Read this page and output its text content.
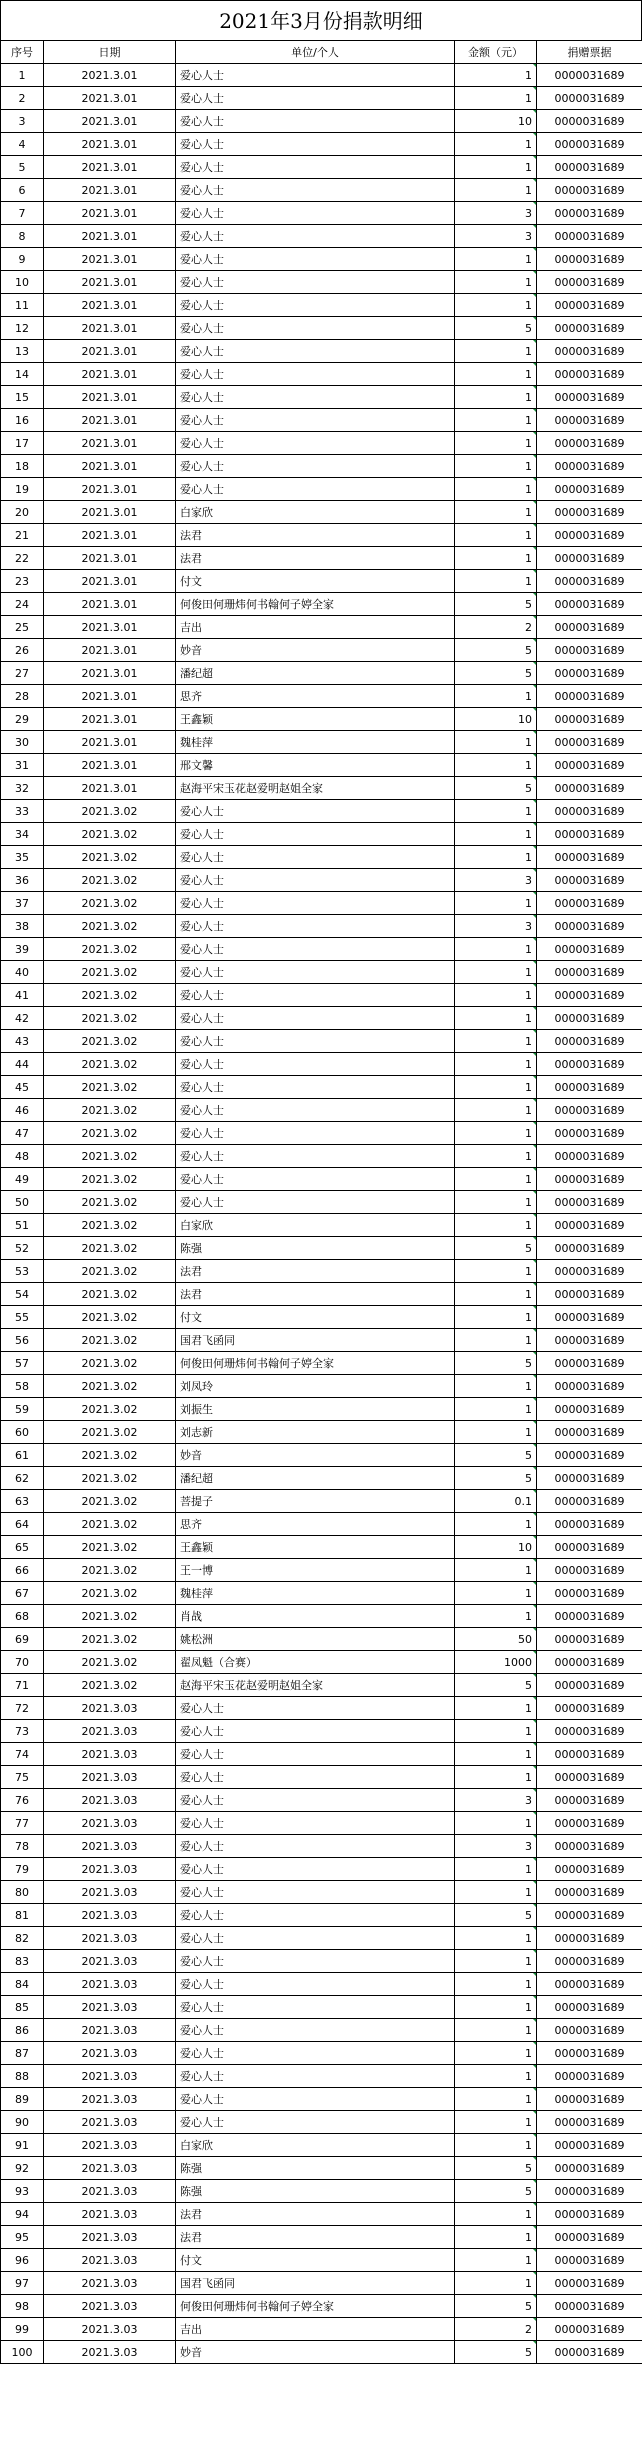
2021年3月份捐款明细
序号	日期	单位/个人	金额（元）	捐赠票据
1	2021.3.01	爱心人士	1	0000031689
2	2021.3.01	爱心人士	1	0000031689
3	2021.3.01	爱心人士	10	0000031689
4	2021.3.01	爱心人士	1	0000031689
5	2021.3.01	爱心人士	1	0000031689
6	2021.3.01	爱心人士	1	0000031689
7	2021.3.01	爱心人士	3	0000031689
8	2021.3.01	爱心人士	3	0000031689
9	2021.3.01	爱心人士	1	0000031689
10	2021.3.01	爱心人士	1	0000031689
11	2021.3.01	爱心人士	1	0000031689
12	2021.3.01	爱心人士	5	0000031689
13	2021.3.01	爱心人士	1	0000031689
14	2021.3.01	爱心人士	1	0000031689
15	2021.3.01	爱心人士	1	0000031689
16	2021.3.01	爱心人士	1	0000031689
17	2021.3.01	爱心人士	1	0000031689
18	2021.3.01	爱心人士	1	0000031689
19	2021.3.01	爱心人士	1	0000031689
20	2021.3.01	白家欣	1	0000031689
21	2021.3.01	法君	1	0000031689
22	2021.3.01	法君	1	0000031689
23	2021.3.01	付文	1	0000031689
24	2021.3.01	何俊田何珊炜何书翰何子婷全家	5	0000031689
25	2021.3.01	吉出	2	0000031689
26	2021.3.01	妙音	5	0000031689
27	2021.3.01	潘纪超	5	0000031689
28	2021.3.01	思齐	1	0000031689
29	2021.3.01	王鑫颖	10	0000031689
30	2021.3.01	魏桂萍	1	0000031689
31	2021.3.01	邢文馨	1	0000031689
32	2021.3.01	赵海平宋玉花赵爱明赵姐全家	5	0000031689
33	2021.3.02	爱心人士	1	0000031689
34	2021.3.02	爱心人士	1	0000031689
35	2021.3.02	爱心人士	1	0000031689
36	2021.3.02	爱心人士	3	0000031689
37	2021.3.02	爱心人士	1	0000031689
38	2021.3.02	爱心人士	3	0000031689
39	2021.3.02	爱心人士	1	0000031689
40	2021.3.02	爱心人士	1	0000031689
41	2021.3.02	爱心人士	1	0000031689
42	2021.3.02	爱心人士	1	0000031689
43	2021.3.02	爱心人士	1	0000031689
44	2021.3.02	爱心人士	1	0000031689
45	2021.3.02	爱心人士	1	0000031689
46	2021.3.02	爱心人士	1	0000031689
47	2021.3.02	爱心人士	1	0000031689
48	2021.3.02	爱心人士	1	0000031689
49	2021.3.02	爱心人士	1	0000031689
50	2021.3.02	爱心人士	1	0000031689
51	2021.3.02	白家欣	1	0000031689
52	2021.3.02	陈强	5	0000031689
53	2021.3.02	法君	1	0000031689
54	2021.3.02	法君	1	0000031689
55	2021.3.02	付文	1	0000031689
56	2021.3.02	国君飞函同	1	0000031689
57	2021.3.02	何俊田何珊炜何书翰何子婷全家	5	0000031689
58	2021.3.02	刘凤玲	1	0000031689
59	2021.3.02	刘振生	1	0000031689
60	2021.3.02	刘志新	1	0000031689
61	2021.3.02	妙音	5	0000031689
62	2021.3.02	潘纪超	5	0000031689
63	2021.3.02	菩提子	0.1	0000031689
64	2021.3.02	思齐	1	0000031689
65	2021.3.02	王鑫颖	10	0000031689
66	2021.3.02	王一博	1	0000031689
67	2021.3.02	魏桂萍	1	0000031689
68	2021.3.02	肖战	1	0000031689
69	2021.3.02	姚松洲	50	0000031689
70	2021.3.02	翟凤魁（合赛）	1000	0000031689
71	2021.3.02	赵海平宋玉花赵爱明赵姐全家	5	0000031689
72	2021.3.03	爱心人士	1	0000031689
73	2021.3.03	爱心人士	1	0000031689
74	2021.3.03	爱心人士	1	0000031689
75	2021.3.03	爱心人士	1	0000031689
76	2021.3.03	爱心人士	3	0000031689
77	2021.3.03	爱心人士	1	0000031689
78	2021.3.03	爱心人士	3	0000031689
79	2021.3.03	爱心人士	1	0000031689
80	2021.3.03	爱心人士	1	0000031689
81	2021.3.03	爱心人士	5	0000031689
82	2021.3.03	爱心人士	1	0000031689
83	2021.3.03	爱心人士	1	0000031689
84	2021.3.03	爱心人士	1	0000031689
85	2021.3.03	爱心人士	1	0000031689
86	2021.3.03	爱心人士	1	0000031689
87	2021.3.03	爱心人士	1	0000031689
88	2021.3.03	爱心人士	1	0000031689
89	2021.3.03	爱心人士	1	0000031689
90	2021.3.03	爱心人士	1	0000031689
91	2021.3.03	白家欣	1	0000031689
92	2021.3.03	陈强	5	0000031689
93	2021.3.03	陈强	5	0000031689
94	2021.3.03	法君	1	0000031689
95	2021.3.03	法君	1	0000031689
96	2021.3.03	付文	1	0000031689
97	2021.3.03	国君飞函同	1	0000031689
98	2021.3.03	何俊田何珊炜何书翰何子婷全家	5	0000031689
99	2021.3.03	吉出	2	0000031689
100	2021.3.03	妙音	5	0000031689
